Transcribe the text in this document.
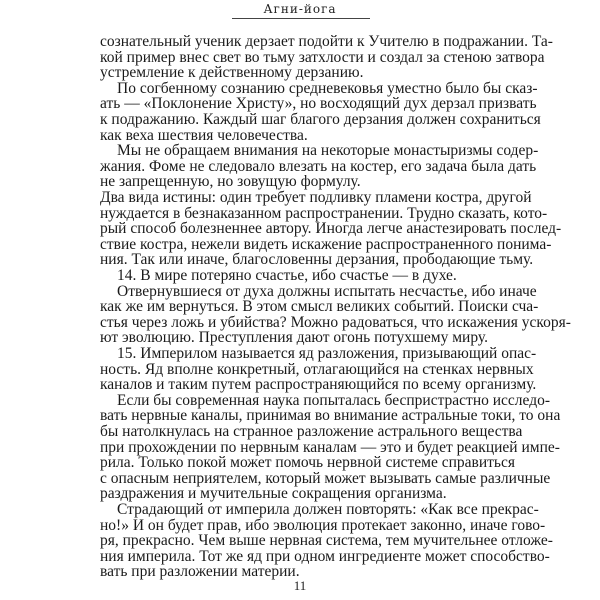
Агни-йога
сознательный ученик дерзает подойти к Учителю в подражании. Та-
кой пример внес свет во тьму затхлости и создал за стеною затвора
устремление к действенному дерзанию.
По согбенному сознанию средневековья уместно было бы сказ-
ать — «Поклонение Христу», но восходящий дух дерзал призвать
к подражанию. Каждый шаг благого дерзания должен сохраниться
как веха шествия человечества.
Мы не обращаем внимания на некоторые монастыризмы содер-
жания. Фоме не следовало влезать на костер, его задача была дать
не запрещенную, но зовущую формулу.
Два вида истины: один требует подливку пламени костра, другой
нуждается в безнаказанном распространении. Трудно сказать, кото-
рый способ болезненнее автору. Иногда легче анастезировать послед-
ствие костра, нежели видеть искажение распространенного понима-
ния. Так или иначе, благословенны дерзания, прободающие тьму.
14. В мире потеряно счастье, ибо счастье — в духе.
Отвернувшиеся от духа должны испытать несчастье, ибо иначе
как же им вернуться. В этом смысл великих событий. Поиски сча-
стья через ложь и убийства? Можно радоваться, что искажения ускоря-
ют эволюцию. Преступления дают огонь потухшему миру.
15. Империлом называется яд разложения, призывающий опас-
ность. Яд вполне конкретный, отлагающийся на стенках нервных
каналов и таким путем распространяющийся по всему организму.
Если бы современная наука попыталась беспристрастно исследо-
вать нервные каналы, принимая во внимание астральные токи, то она
бы натолкнулась на странное разложение астрального вещества
при прохождении по нервным каналам — это и будет реакцией импе-
рила. Только покой может помочь нервной системе справиться
с опасным неприятелем, который может вызывать самые различные
раздражения и мучительные сокращения организма.
Страдающий от империла должен повторять: «Как все прекрас-
но!» И он будет прав, ибо эволюция протекает законно, иначе гово-
ря, прекрасно. Чем выше нервная система, тем мучительнее отложе-
ния империла. Тот же яд при одном ингредиенте может способство-
вать при разложении материи.
11
